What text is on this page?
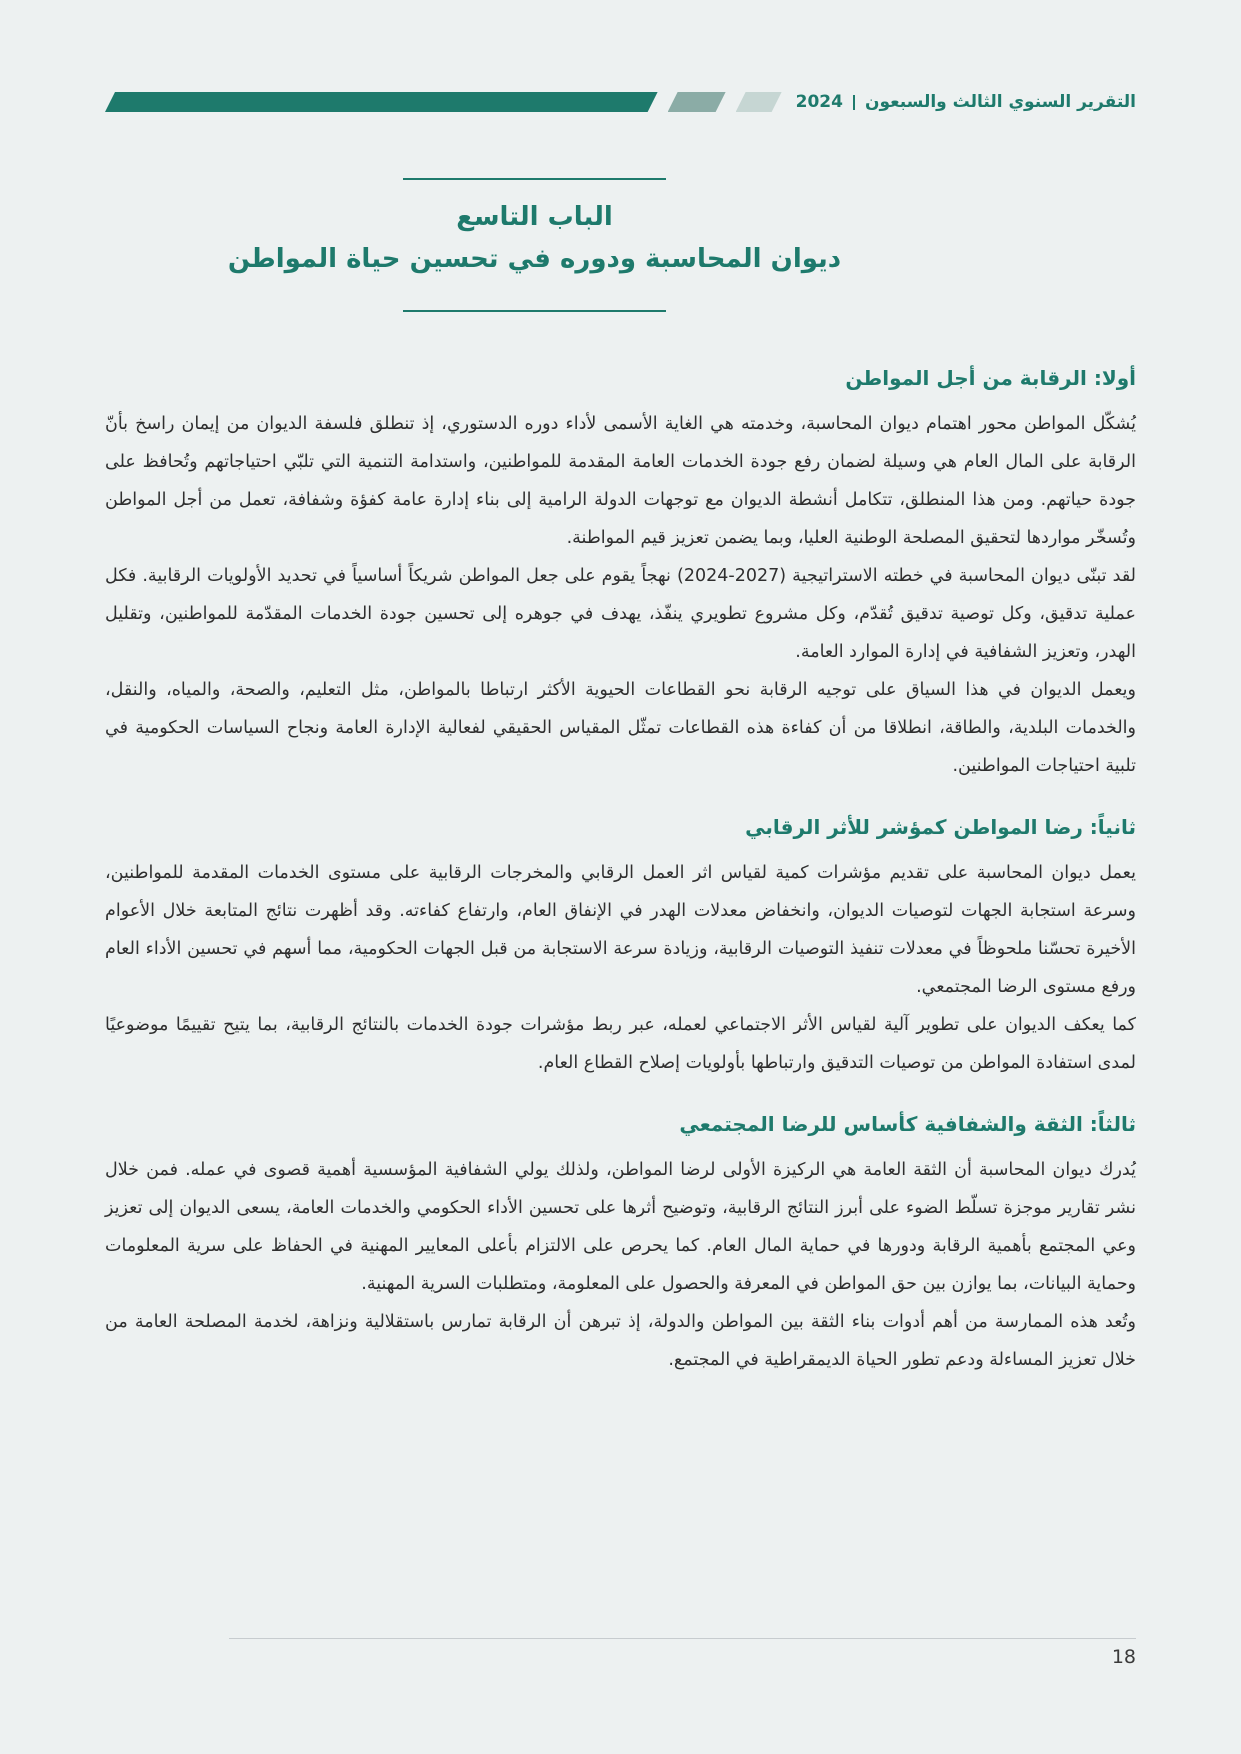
التقرير السنوي الثالث والسبعون
2024
الباب التاسع
ديوان المحاسبة ودوره في تحسين حياة المواطن
أولا: الرقابة من أجل المواطن

يُشكّل المواطن محور اهتمام ديوان المحاسبة، وخدمته هي الغاية الأسمى لأداء دوره الدستوري، إذ تنطلق فلسفة الديوان من إيمان راسخ بأنّ الرقابة على المال العام هي وسيلة لضمان رفع جودة الخدمات العامة المقدمة للمواطنين، واستدامة التنمية التي تلبّي احتياجاتهم وتُحافظ على جودة حياتهم. ومن هذا المنطلق، تتكامل أنشطة الديوان مع توجهات الدولة الرامية إلى بناء إدارة عامة كفؤة وشفافة، تعمل من أجل المواطن وتُسخّر مواردها لتحقيق المصلحة الوطنية العليا، وبما يضمن تعزيز قيم المواطنة.

لقد تبنّى ديوان المحاسبة في خطته الاستراتيجية (2027-2024) نهجاً يقوم على جعل المواطن شريكاً أساسياً في تحديد الأولويات الرقابية. فكل عملية تدقيق، وكل توصية تدقيق تُقدّم، وكل مشروع تطويري ينفّذ، يهدف في جوهره إلى تحسين جودة الخدمات المقدّمة للمواطنين، وتقليل الهدر، وتعزيز الشفافية في إدارة الموارد العامة.

ويعمل الديوان في هذا السياق على توجيه الرقابة نحو القطاعات الحيوية الأكثر ارتباطا بالمواطن، مثل التعليم، والصحة، والمياه، والنقل، والخدمات البلدية، والطاقة، انطلاقا من أن كفاءة هذه القطاعات تمثّل المقياس الحقيقي لفعالية الإدارة العامة ونجاح السياسات الحكومية في تلبية احتياجات المواطنين.

ثانياً: رضا المواطن كمؤشر للأثر الرقابي

يعمل ديوان المحاسبة على تقديم مؤشرات كمية لقياس اثر العمل الرقابي والمخرجات الرقابية على مستوى الخدمات المقدمة للمواطنين، وسرعة استجابة الجهات لتوصيات الديوان، وانخفاض معدلات الهدر في الإنفاق العام، وارتفاع كفاءته. وقد أظهرت نتائج المتابعة خلال الأعوام الأخيرة تحسّنا ملحوظاً في معدلات تنفيذ التوصيات الرقابية، وزيادة سرعة الاستجابة من قبل الجهات الحكومية، مما أسهم في تحسين الأداء العام ورفع مستوى الرضا المجتمعي.

كما يعكف الديوان على تطوير آلية لقياس الأثر الاجتماعي لعمله، عبر ربط مؤشرات جودة الخدمات بالنتائج الرقابية، بما يتيح تقييمًا موضوعيًا لمدى استفادة المواطن من توصيات التدقيق وارتباطها بأولويات إصلاح القطاع العام.

ثالثاً: الثقة والشفافية كأساس للرضا المجتمعي

يُدرك ديوان المحاسبة أن الثقة العامة هي الركيزة الأولى لرضا المواطن، ولذلك يولي الشفافية المؤسسية أهمية قصوى في عمله. فمن خلال نشر تقارير موجزة تسلّط الضوء على أبرز النتائج الرقابية، وتوضيح أثرها على تحسين الأداء الحكومي والخدمات العامة، يسعى الديوان إلى تعزيز وعي المجتمع بأهمية الرقابة ودورها في حماية المال العام. كما يحرص على الالتزام بأعلى المعايير المهنية في الحفاظ على سرية المعلومات وحماية البيانات، بما يوازن بين حق المواطن في المعرفة والحصول على المعلومة، ومتطلبات السرية المهنية.

وتُعد هذه الممارسة من أهم أدوات بناء الثقة بين المواطن والدولة، إذ تبرهن أن الرقابة تمارس باستقلالية ونزاهة، لخدمة المصلحة العامة من خلال تعزيز المساءلة ودعم تطور الحياة الديمقراطية في المجتمع.

18
